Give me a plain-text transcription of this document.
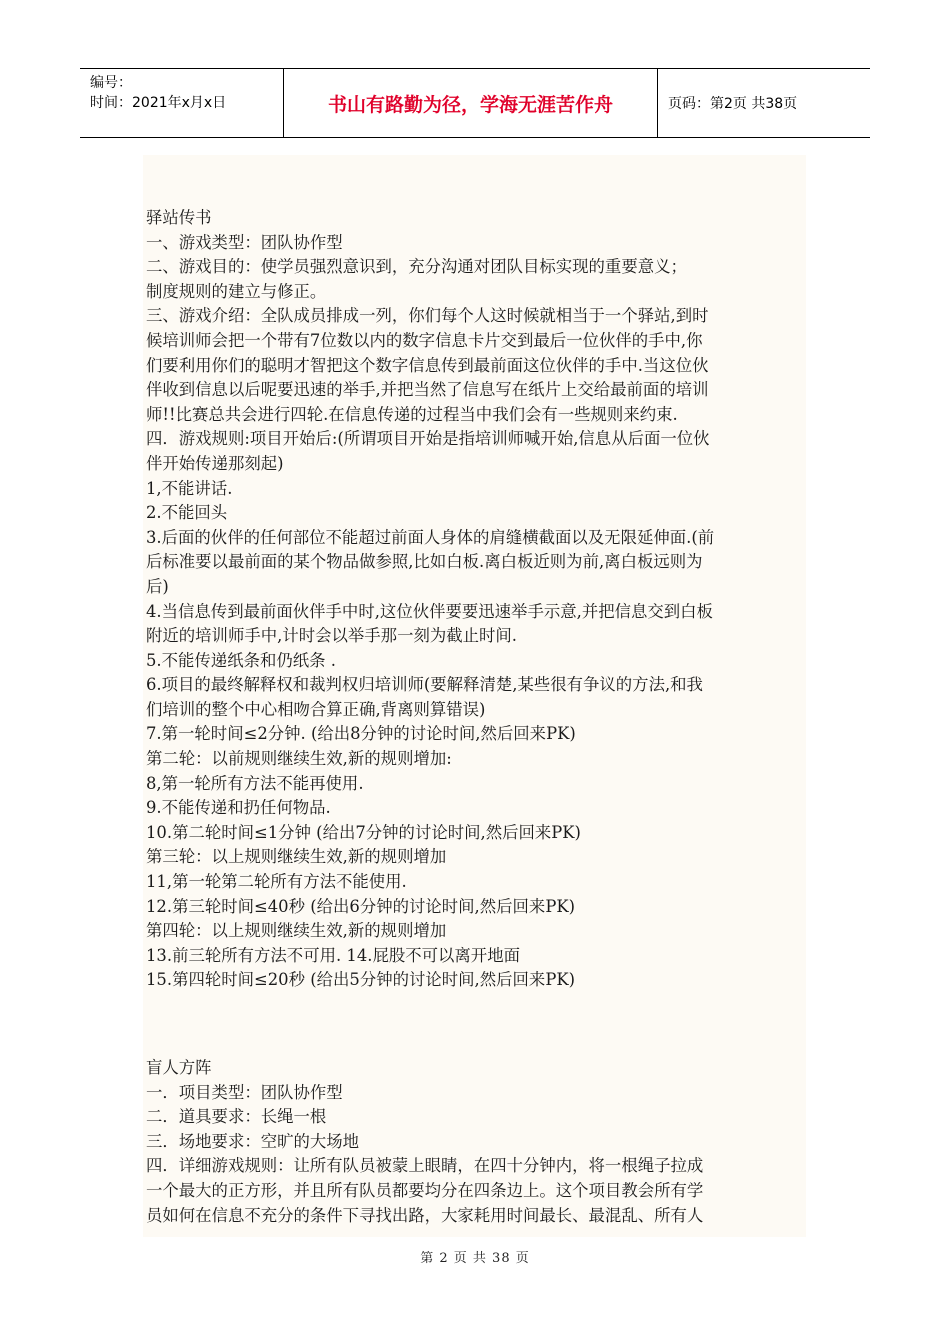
编号：
时间：2021年x月x日	书山有路勤为径，学海无涯苦作舟	页码：第2页 共38页
驿站传书
一、游戏类型：团队协作型
二、游戏目的：使学员强烈意识到，充分沟通对团队目标实现的重要意义；
制度规则的建立与修正。
三、游戏介绍：全队成员排成一列，你们每个人这时候就相当于一个驿站,到时
候培训师会把一个带有7位数以内的数字信息卡片交到最后一位伙伴的手中,你
们要利用你们的聪明才智把这个数字信息传到最前面这位伙伴的手中.当这位伙
伴收到信息以后呢要迅速的举手,并把当然了信息写在纸片上交给最前面的培训
师!!比赛总共会进行四轮.在信息传递的过程当中我们会有一些规则来约束.
四．游戏规则:项目开始后:(所谓项目开始是指培训师喊开始,信息从后面一位伙
伴开始传递那刻起)
1,不能讲话.
2.不能回头
3.后面的伙伴的任何部位不能超过前面人身体的肩缝横截面以及无限延伸面.(前
后标准要以最前面的某个物品做参照,比如白板.离白板近则为前,离白板远则为
后)
4.当信息传到最前面伙伴手中时,这位伙伴要要迅速举手示意,并把信息交到白板
附近的培训师手中,计时会以举手那一刻为截止时间.
5.不能传递纸条和仍纸条 .
6.项目的最终解释权和裁判权归培训师(要解释清楚,某些很有争议的方法,和我
们培训的整个中心相吻合算正确,背离则算错误)
7.第一轮时间≤2分钟. (给出8分钟的讨论时间,然后回来PK)
第二轮：以前规则继续生效,新的规则增加:
8,第一轮所有方法不能再使用.
9.不能传递和扔任何物品.
10.第二轮时间≤1分钟 (给出7分钟的讨论时间,然后回来PK)
第三轮：以上规则继续生效,新的规则增加
11,第一轮第二轮所有方法不能使用.
12.第三轮时间≤40秒 (给出6分钟的讨论时间,然后回来PK)
第四轮：以上规则继续生效,新的规则增加
13.前三轮所有方法不可用. 14.屁股不可以离开地面
15.第四轮时间≤20秒 (给出5分钟的讨论时间,然后回来PK)
盲人方阵
一．项目类型：团队协作型
二．道具要求：长绳一根
三．场地要求：空旷的大场地
四．详细游戏规则：让所有队员被蒙上眼睛，在四十分钟内，将一根绳子拉成
一个最大的正方形，并且所有队员都要均分在四条边上。这个项目教会所有学
员如何在信息不充分的条件下寻找出路，大家耗用时间最长、最混乱、所有人
第 2 页 共 38 页
